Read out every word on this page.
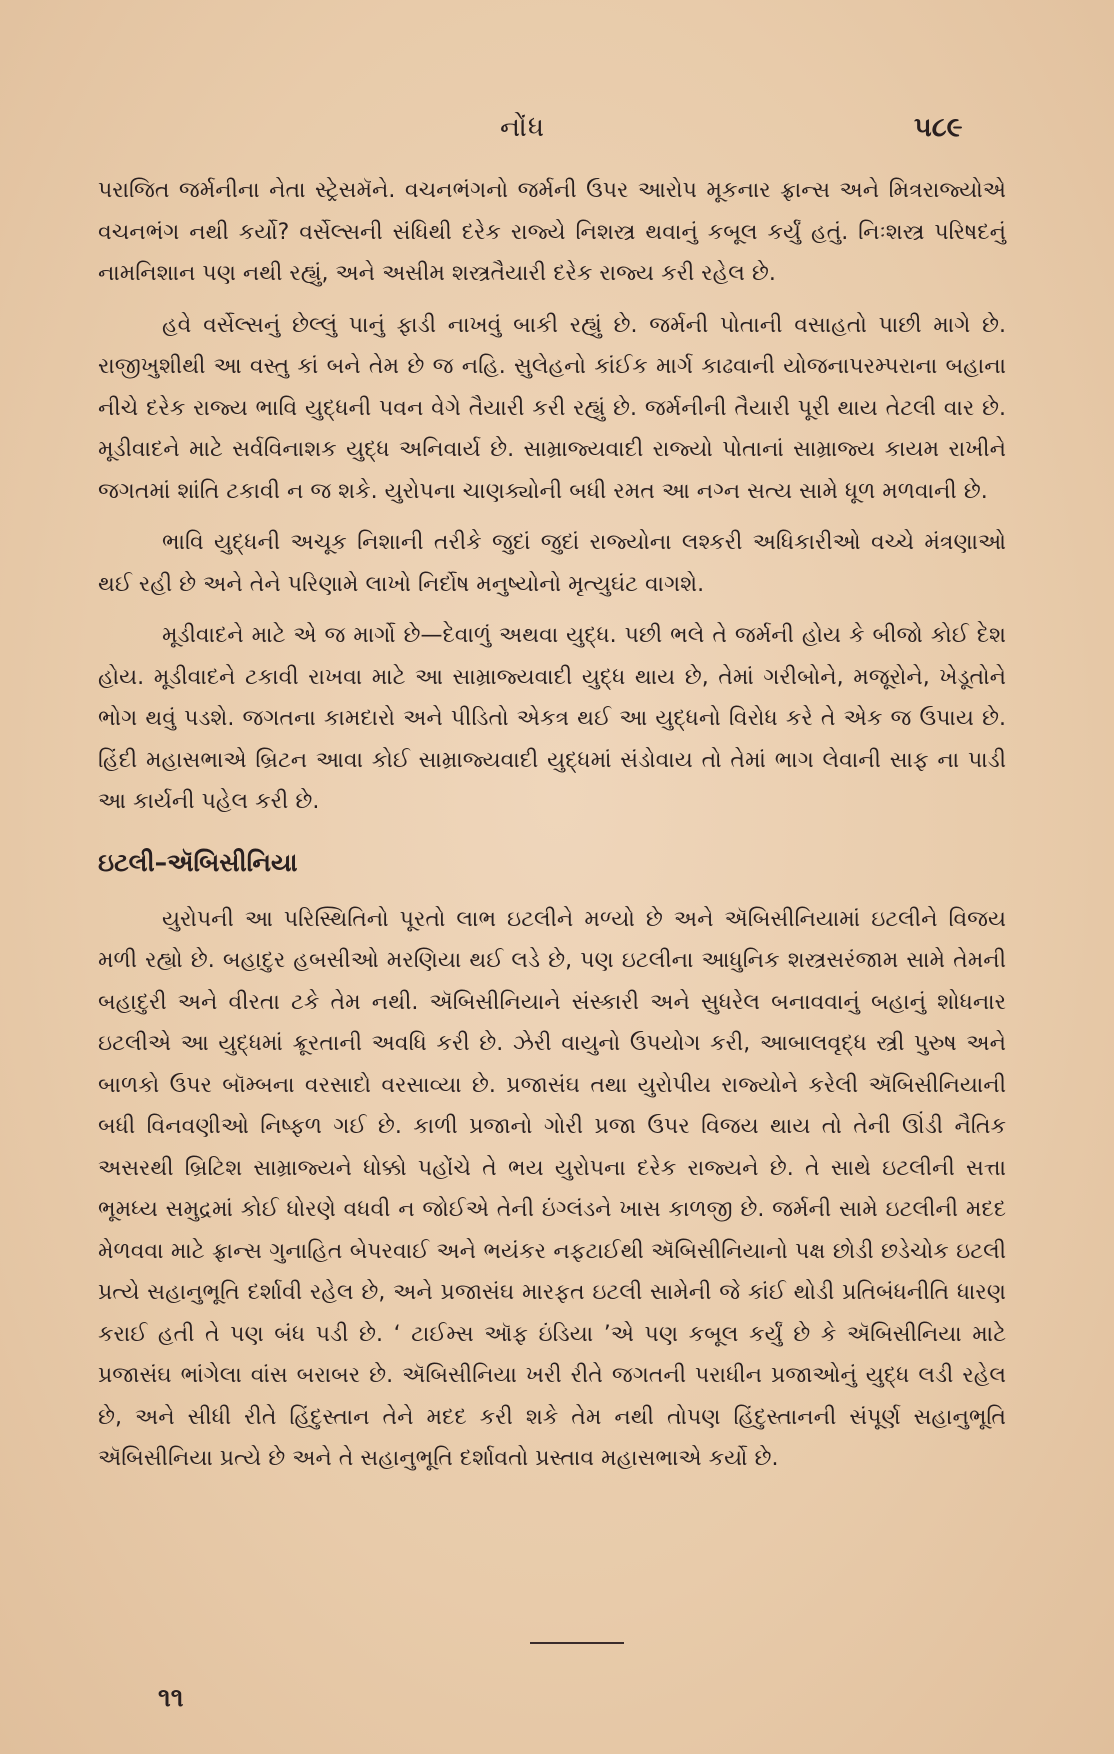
નોંધ	૫૮૯

પરાજિત જર્મનીના નેતા સ્ટ્રેસમૅને. વચનભંગનો જર્મની ઉપર આરોપ મૂકનાર ફ્રાન્સ અને મિત્રરાજ્યોએ વચનભંગ નથી કર્યો? વર્સેલ્સની સંધિથી દરેક રાજ્યે નિશસ્ત્ર થવાનું કબૂલ કર્યું હતું. નિઃશસ્ત્ર પરિષદનું નામનિશાન પણ નથી રહ્યું, અને અસીમ શસ્ત્રતૈયારી દરેક રાજ્ય કરી રહેલ છે.

હવે વર્સેલ્સનું છેલ્લું પાનું ફાડી નાખવું બાકી રહ્યું છે. જર્મની પોતાની વસાહતો પાછી માગે છે. રાજીખુશીથી આ વસ્તુ કાં બને તેમ છે જ નહિ. સુલેહનો કાંઈક માર્ગ કાઢવાની યોજનાપરમ્પરાના બહાના નીચે દરેક રાજ્ય ભાવિ યુદ્ધની પવન વેગે તૈયારી કરી રહ્યું છે. જર્મનીની તૈયારી પૂરી થાય તેટલી વાર છે. મૂડીવાદને માટે સર્વવિનાશક યુદ્ધ અનિવાર્ય છે. સામ્રાજ્યવાદી રાજ્યો પોતાનાં સામ્રાજ્ય કાયમ રાખીને જગતમાં શાંતિ ટકાવી ન જ શકે. યુરોપના ચાણક્યોની બધી રમત આ નગ્ન સત્ય સામે ધૂળ મળવાની છે.

ભાવિ યુદ્ધની અચૂક નિશાની તરીકે જુદાં જુદાં રાજ્યોના લશ્કરી અધિકારીઓ વચ્ચે મંત્રણાઓ થઈ રહી છે અને તેને પરિણામે લાખો નિર્દોષ મનુષ્યોનો મૃત્યુઘંટ વાગશે.

મૂડીવાદને માટે એ જ માર્ગો છે—દેવાળું અથવા યુદ્ધ. પછી ભલે તે જર્મની હોય કે બીજો કોઈ દેશ હોય. મૂડીવાદને ટકાવી રાખવા માટે આ સામ્રાજ્યવાદી યુદ્ધ થાય છે, તેમાં ગરીબોને, મજૂરોને, ખેડૂતોને ભોગ થવું પડશે. જગતના કામદારો અને પીડિતો એકત્ર થઈ આ યુદ્ધનો વિરોધ કરે તે એક જ ઉપાય છે. હિંદી મહાસભાએ બ્રિટન આવા કોઈ સામ્રાજ્યવાદી યુદ્ધમાં સંડોવાય તો તેમાં ભાગ લેવાની સાફ ના પાડી આ કાર્યની પહેલ કરી છે.

ઇટલી–ઍબિસીનિયા

યુરોપની આ પરિસ્થિતિનો પૂરતો લાભ ઇટલીને મળ્યો છે અને ઍબિસીનિયામાં ઇટલીને વિજય મળી રહ્યો છે. બહાદુર હબસીઓ મરણિયા થઈ લડે છે, પણ ઇટલીના આધુનિક શસ્ત્રસરંજામ સામે તેમની બહાદુરી અને વીરતા ટકે તેમ નથી. ઍબિસીનિયાને સંસ્કારી અને સુધરેલ બનાવવાનું બહાનું શોધનાર ઇટલીએ આ યુદ્ધમાં ક્રૂરતાની અવધિ કરી છે. ઝેરી વાયુનો ઉપયોગ કરી, આબાલવૃદ્ધ સ્ત્રી પુરુષ અને બાળકો ઉપર બૉમ્બના વરસાદો વરસાવ્યા છે. પ્રજાસંઘ તથા યુરોપીય રાજ્યોને કરેલી ઍબિસીનિયાની બધી વિનવણીઓ નિષ્ફળ ગઈ છે. કાળી પ્રજાનો ગોરી પ્રજા ઉપર વિજય થાય તો તેની ઊંડી નૈતિક અસરથી બ્રિટિશ સામ્રાજ્યને ધોક્કો પહોંચે તે ભય યુરોપના દરેક રાજ્યને છે. તે સાથે ઇટલીની સત્તા ભૂમધ્ય સમુદ્રમાં કોઈ ધોરણે વધવી ન જોઈએ તેની ઇંગ્લંડને ખાસ કાળજી છે. જર્મની સામે ઇટલીની મદદ મેળવવા માટે ફ્રાન્સ ગુનાહિત બેપરવાઈ અને ભયંકર નફટાઈથી ઍબિસીનિયાનો પક્ષ છોડી છડેચોક ઇટલી પ્રત્યે સહાનુભૂતિ દર્શાવી રહેલ છે, અને પ્રજાસંઘ મારફત ઇટલી સામેની જે કાંઈ થોડી પ્રતિબંધનીતિ ધારણ કરાઈ હતી તે પણ બંધ પડી છે. ‘ ટાઈમ્સ ઑફ ઇંડિયા ’એ પણ કબૂલ કર્યું છે કે ઍબિસીનિયા માટે પ્રજાસંઘ ભાંગેલા વાંસ બરાબર છે. ઍબિસીનિયા ખરી રીતે જગતની પરાધીન પ્રજાઓનું યુદ્ધ લડી રહેલ છે, અને સીધી રીતે હિંદુસ્તાન તેને મદદ કરી શકે તેમ નથી તોપણ હિંદુસ્તાનની સંપૂર્ણ સહાનુભૂતિ ઍબિસીનિયા પ્રત્યે છે અને તે સહાનુભૂતિ દર્શાવતો પ્રસ્તાવ મહાસભાએ કર્યો છે.

૧૧
